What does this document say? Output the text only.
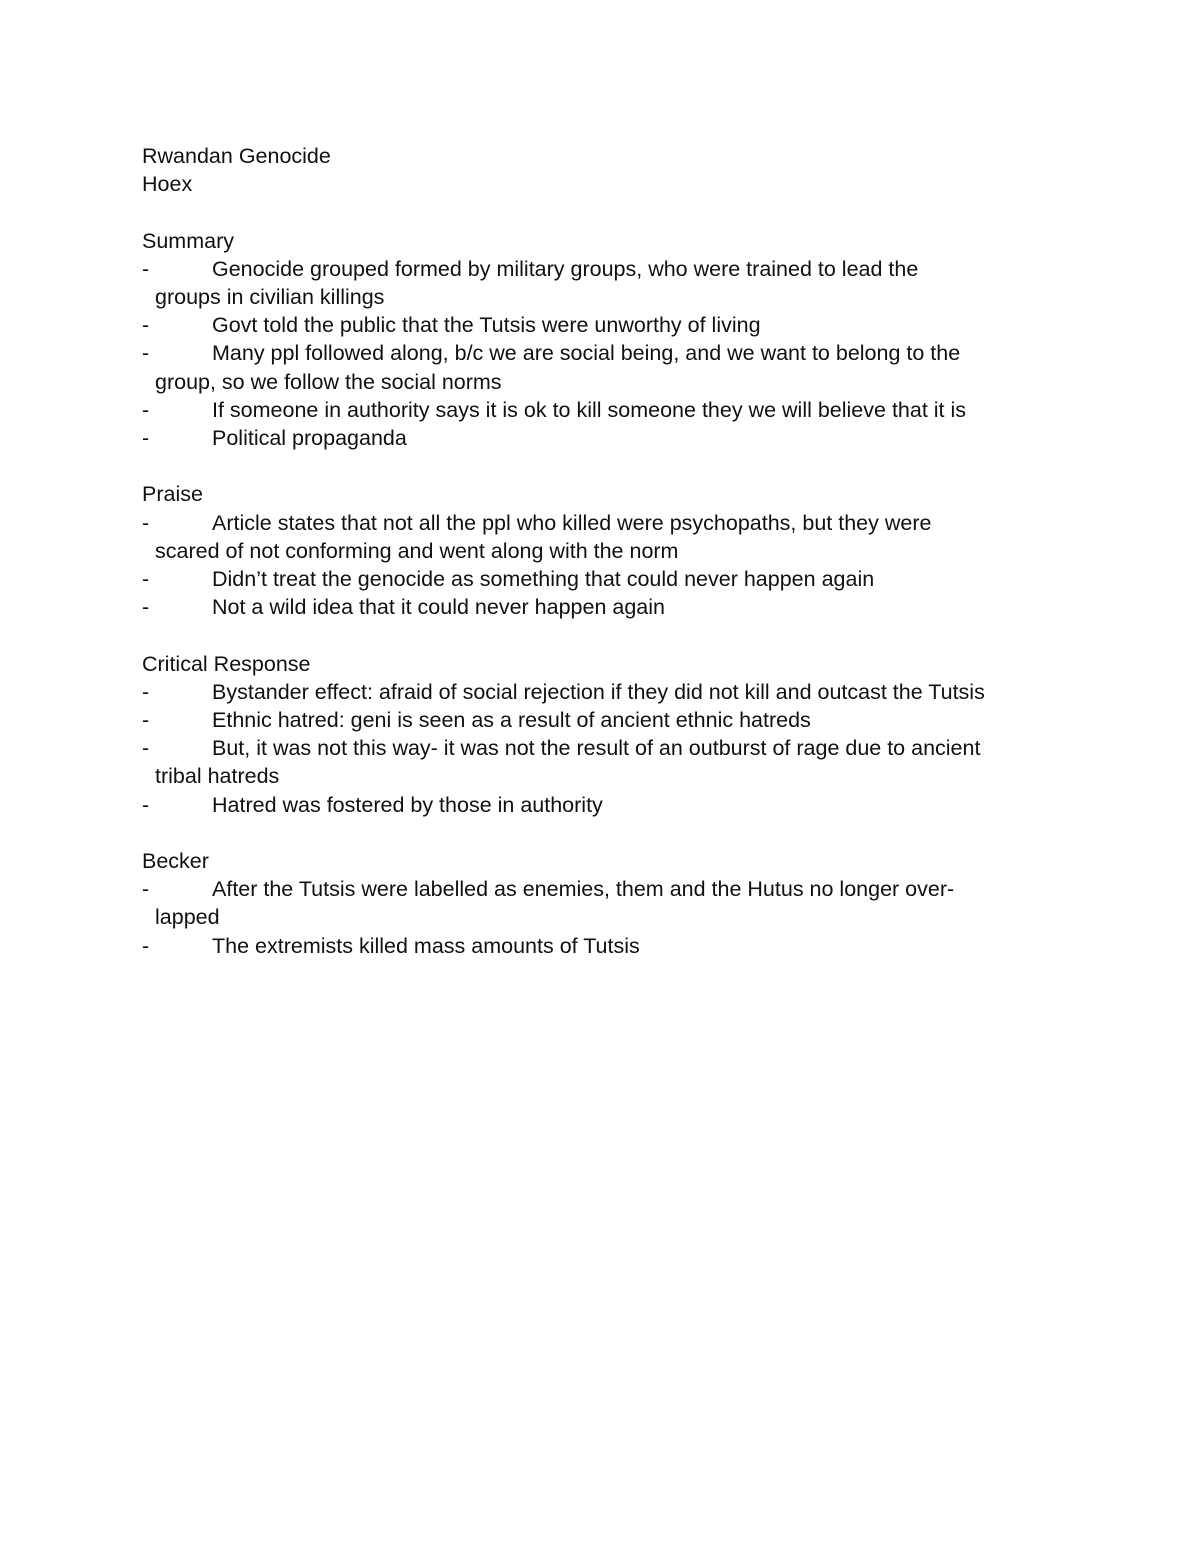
Rwandan Genocide
Hoex
Summary
-	Genocide grouped formed by military groups, who were trained to lead the
groups in civilian killings
-	Govt told the public that the Tutsis were unworthy of living
-	Many ppl followed along, b/c we are social being, and we want to belong to the
group, so we follow the social norms
-	If someone in authority says it is ok to kill someone they we will believe that it is
-	Political propaganda
Praise
-	Article states that not all the ppl who killed were psychopaths, but they were
scared of not conforming and went along with the norm
-	Didn’t treat the genocide as something that could never happen again
-	Not a wild idea that it could never happen again
Critical Response
-	Bystander effect: afraid of social rejection if they did not kill and outcast the Tutsis
-	Ethnic hatred: geni is seen as a result of ancient ethnic hatreds
-	But, it was not this way- it was not the result of an outburst of rage due to ancient
tribal hatreds
-	Hatred was fostered by those in authority
Becker
-	After the Tutsis were labelled as enemies, them and the Hutus no longer over-
lapped
-	The extremists killed mass amounts of Tutsis
